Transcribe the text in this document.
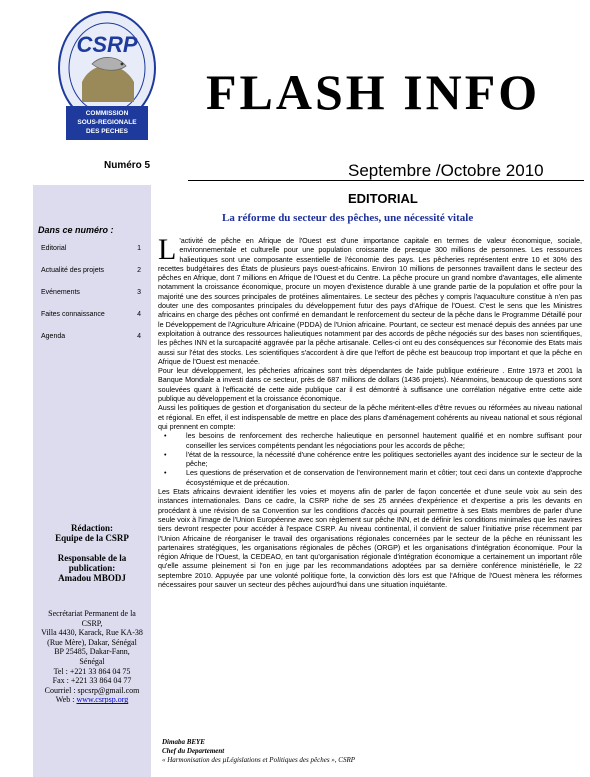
CSRP
COMMISSION
SOUS-REGIONALE
DES PECHES
FLASH INFO
Numéro 5	Septembre /Octobre 2010
Dans ce numéro :
Editorial	1
Actualité des projets	2
Evénements	3
Faites connaissance	4
Agenda	4
Rédaction:
Equipe de la CSRP
Responsable de la publication:
Amadou MBODJ
Secrétariat Permanent de la
CSRP,
Villa 4430, Karack, Rue KA-38
(Rue Mère), Dakar, Sénégal
BP 25485, Dakar-Fann,
Sénégal
Tel : +221 33 864 04 75
Fax : +221 33 864 04 77
Courriel : spcsrp@gmail.com
Web : www.csrpsp.org
EDITORIAL
La réforme du secteur des pêches, une nécessité vitale

L 'activité de pêche en Afrique de l'Ouest est d'une importance capitale en termes de valeur économique, sociale, environnementale et culturelle pour une population croissante de presque 300 millions de personnes. Les ressources halieutiques sont une composante essentielle de l'économie des pays. Les pêcheries représentent entre 10 et 30% des recettes budgétaires des États de plusieurs pays ouest-africains. Environ 10 millions de personnes travaillent dans le secteur des pêches en Afrique, dont 7 millions en Afrique de l'Ouest et du Centre. La pêche procure un grand nombre d'avantages, elle alimente notamment la croissance économique, procure un moyen d'existence durable à une grande partie de la population et offre pour la majorité une des sources principales de protéines alimentaires. Le secteur des pêches y compris l'aquaculture constitue à n'en pas douter une des composantes principales du développement futur des pays d'Afrique de l'Ouest. C'est le sens que les Ministres africains en charge des pêches ont confirmé en demandant le renforcement du secteur de la pêche dans le Programme Détaillé pour le Développement de l'Agriculture Africaine (PDDA) de l'Union africaine. Pourtant, ce secteur est menacé depuis des années par une exploitation à outrance des ressources halieutiques notamment par des accords de pêche négociés sur des bases non scientifiques, les pêches INN et la surcapacité aggravée par la pêche artisanale. Celles-ci ont eu des conséquences sur l'économie des Etats mais aussi sur l'état des stocks. Les scientifiques s'accordent à dire que l'effort de pêche est beaucoup trop important et que la pêche en Afrique de l'Ouest est menacée.

Pour leur développement, les pêcheries africaines sont très dépendantes de l'aide publique extérieure . Entre 1973 et 2001 la Banque Mondiale a investi dans ce secteur, près de 687 millions de dollars (1436 projets). Néanmoins, beaucoup de questions sont soulevées quant à l'efficacité de cette aide publique car il est démontré à suffisance une corrélation négative entre cette aide publique au développement et la croissance économique.

Aussi les politiques de gestion et d'organisation du secteur de la pêche méritent-elles d'être revues ou réformées au niveau national et régional. En effet, il est indispensable de mettre en place des plans d'aménagement cohérents au niveau national et sous régional qui prennent en compte:

•	les besoins de renforcement des recherche halieutique en personnel hautement qualifié et en nombre suffisant pour conseiller les services compétents pendant les négociations pour les accords de pêche;
•	l'état de la ressource, la nécessité d'une cohérence entre les politiques sectorielles ayant des incidence sur le secteur de la pêche;
•	Les questions de préservation et de conservation de l'environnement marin et côtier; tout ceci dans un contexte d'approche écosystémique et de précaution.

Les Etats africains devraient identifier les voies et moyens afin de parler de façon concertée et d'une seule voix au sein des instances internationales. Dans ce cadre, la CSRP riche de ses 25 années d'expérience et d'expertise a pris les devants en procédant à une révision de sa Convention sur les conditions d'accès qui pourrait permettre à ses Etats membres de parler d'une seule voix à l'image de l'Union Européenne avec son règlement sur pêche INN, et de définir les conditions minimales que les navires tiers devront respecter pour accéder à l'espace CSRP. Au niveau continental, il convient de saluer l'initiative prise récemment par l'Union Africaine de réorganiser le travail des organisations régionales concernées par le secteur de la pêche en réunissant les partenaires stratégiques, les organisations régionales de pêches (ORGP) et les organisations d'intégration économique. Pour la région Afrique de l'Ouest, la CEDEAO, en tant qu'organisation régionale d'intégration économique a certainement un important rôle qu'elle assume pleinement si l'on en juge par les recommandations adoptées par sa dernière conférence ministérielle, le 22 septembre 2010. Appuyée par une volonté politique forte, la conviction dès lors est que l'Afrique de l'Ouest mènera les réformes nécessaires pour sauver un secteur des pêches aujourd'hui dans une situation inquiétante.

Dimaba BEYE
Chef du Departement
« Harmonisation des µLégislations et Politiques des pêches », CSRP
